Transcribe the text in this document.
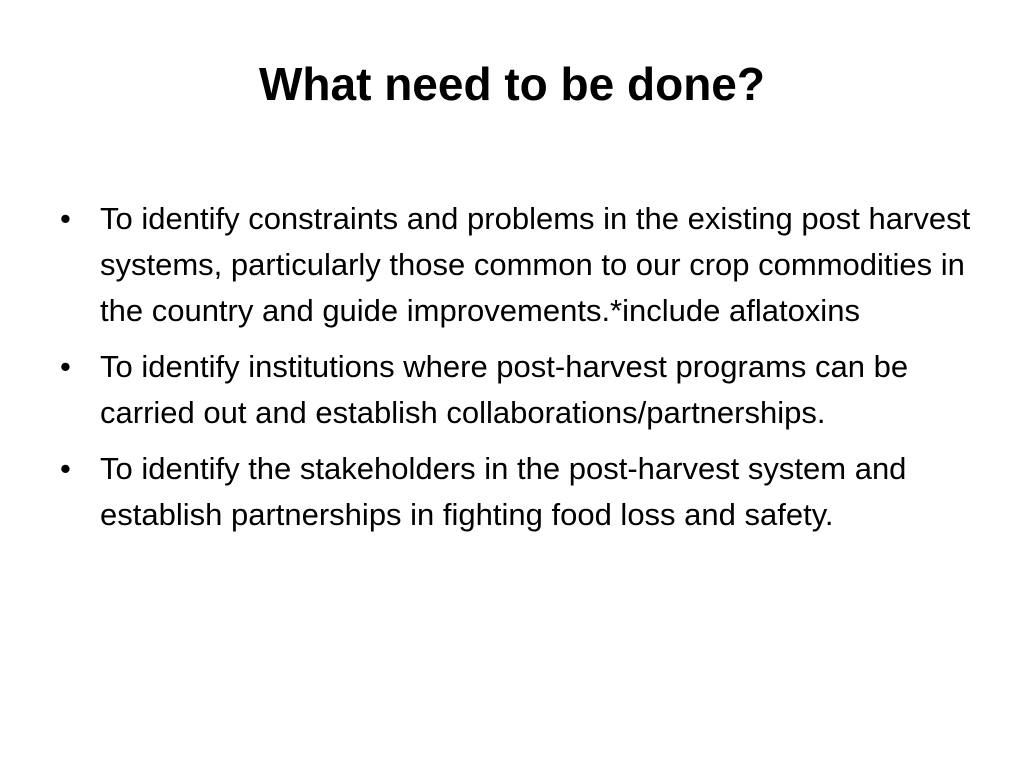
What need to be done?
• To identify constraints and problems in the existing post harvest systems, particularly those common to our crop commodities in the country and guide improvements.*include aflatoxins
• To identify institutions where post-harvest programs can be carried out and establish collaborations/partnerships.
• To identify the stakeholders in the post-harvest system and establish partnerships in fighting food loss and safety.
